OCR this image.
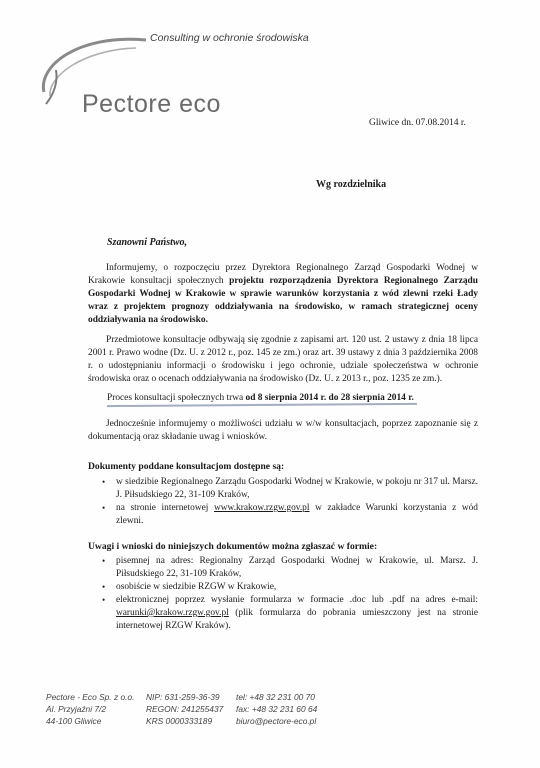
Pectore eco
Consulting w ochronie środowiska
Gliwice dn. 07.08.2014 r.
Wg rozdzielnika
Szanowni Państwo,
Informujemy, o rozpoczęciu przez Dyrektora Regionalnego Zarząd Gospodarki Wodnej w Krakowie konsultacji społecznych projektu rozporządzenia Dyrektora Regionalnego Zarządu Gospodarki Wodnej w Krakowie w sprawie warunków korzystania z wód zlewni rzeki Łady wraz z projektem prognozy oddziaływania na środowisko, w ramach strategicznej oceny oddziaływania na środowisko.
Przedmiotowe konsultacje odbywają się zgodnie z zapisami art. 120 ust. 2 ustawy z dnia 18 lipca 2001 r. Prawo wodne (Dz. U. z 2012 r., poz. 145 ze zm.) oraz art. 39 ustawy z dnia 3 października 2008 r. o udostępnianiu informacji o środowisku i jego ochronie, udziale społeczeństwa w ochronie środowiska oraz o ocenach oddziaływania na środowisko (Dz. U. z 2013 r., poz. 1235 ze zm.).
Proces konsultacji społecznych trwa od 8 sierpnia 2014 r. do 28 sierpnia 2014 r.
Jednocześnie informujemy o możliwości udziału w w/w konsultacjach, poprzez zapoznanie się z dokumentacją oraz składanie uwag i wniosków.
Dokumenty poddane konsultacjom dostępne są:
• w siedzibie Regionalnego Zarządu Gospodarki Wodnej w Krakowie, w pokoju nr 317 ul. Marsz. J. Piłsudskiego 22, 31-109 Kraków,
• na stronie internetowej www.krakow.rzgw.gov.pl w zakładce Warunki korzystania z wód zlewni.
Uwagi i wnioski do niniejszych dokumentów można zgłaszać w formie:
• pisemnej na adres: Regionalny Zarząd Gospodarki Wodnej w Krakowie, ul. Marsz. J. Piłsudskiego 22, 31-109 Kraków,
• osobiście w siedzibie RZGW w Krakowie,
• elektronicznej poprzez wysłanie formularza w formacie .doc lub .pdf na adres e-mail: warunki@krakow.rzgw.gov.pl (plik formularza do pobrania umieszczony jest na stronie internetowej RZGW Kraków).
Pectore - Eco Sp. z o.o.
Al. Przyjaźni 7/2
44-100 Gliwice
NIP: 631-259-36-39
REGON: 241255437
KRS 0000333189
tel: +48 32 231 00 70
fax: +48 32 231 60 64
biuro@pectore-eco.pl
